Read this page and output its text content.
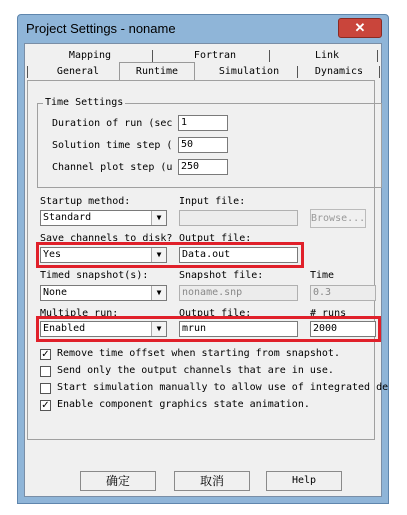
Project Settings - noname	✕
Mapping	Fortran	Link
General	Runtime	Simulation	Dynamics
Time Settings
Duration of run (sec 1
Solution time step ( 50
Channel plot step (u 250
Startup method:
Standard	▼
Input file:
Browse...
Save channels to disk?
Yes	▼
Output file:
Data.out
Timed snapshot(s):
None	▼
Snapshot file:
noname.snp
Time
0.3
Multiple run:
Enabled	▼
Output file:
mrun
# runs
2000
✓ Remove time offset when starting from snapshot.
Send only the output channels that are in use.
Start simulation manually to allow use of integrated de
✓ Enable component graphics state animation.
确定	取消	Help
